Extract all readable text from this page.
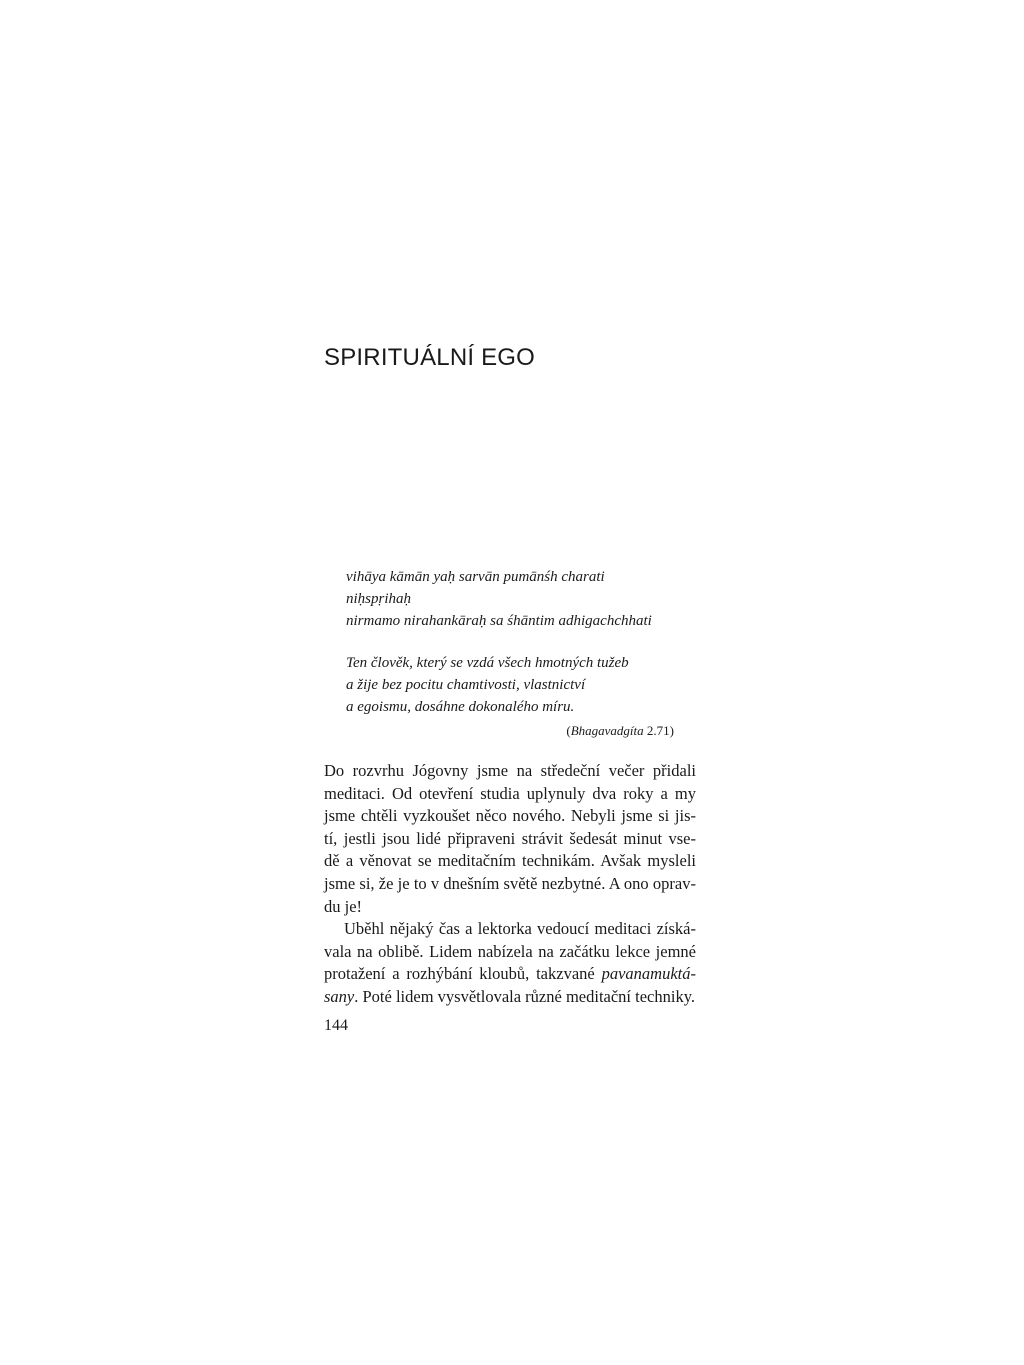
SPIRITUÁLNÍ EGO
vihāya kāmān yaḥ sarvān pumānśh charati
niḥspṛihaḥ
nirmamo nirahankāraḥ sa śhāntim adhigachchhati
Ten člověk, který se vzdá všech hmotných tužeb
a žije bez pocitu chamtivosti, vlastnictví
a egoismu, dosáhne dokonalého míru.
(Bhagavadgíta 2.71)
Do rozvrhu Jógovny jsme na středeční večer přidali
meditaci. Od otevření studia uplynuly dva roky a my
jsme chtěli vyzkoušet něco nového. Nebyli jsme si jis-
tí, jestli jsou lidé připraveni strávit šedesát minut vse-
dě a věnovat se meditačním technikám. Avšak mysleli
jsme si, že je to v dnešním světě nezbytné. A ono oprav-
du je!
Uběhl nějaký čas a lektorka vedoucí meditaci získá-
vala na oblibě. Lidem nabízela na začátku lekce jemné
protažení a rozhýbání kloubů, takzvané pavanamuktá-
sany. Poté lidem vysvětlovala různé meditační techniky.
144
